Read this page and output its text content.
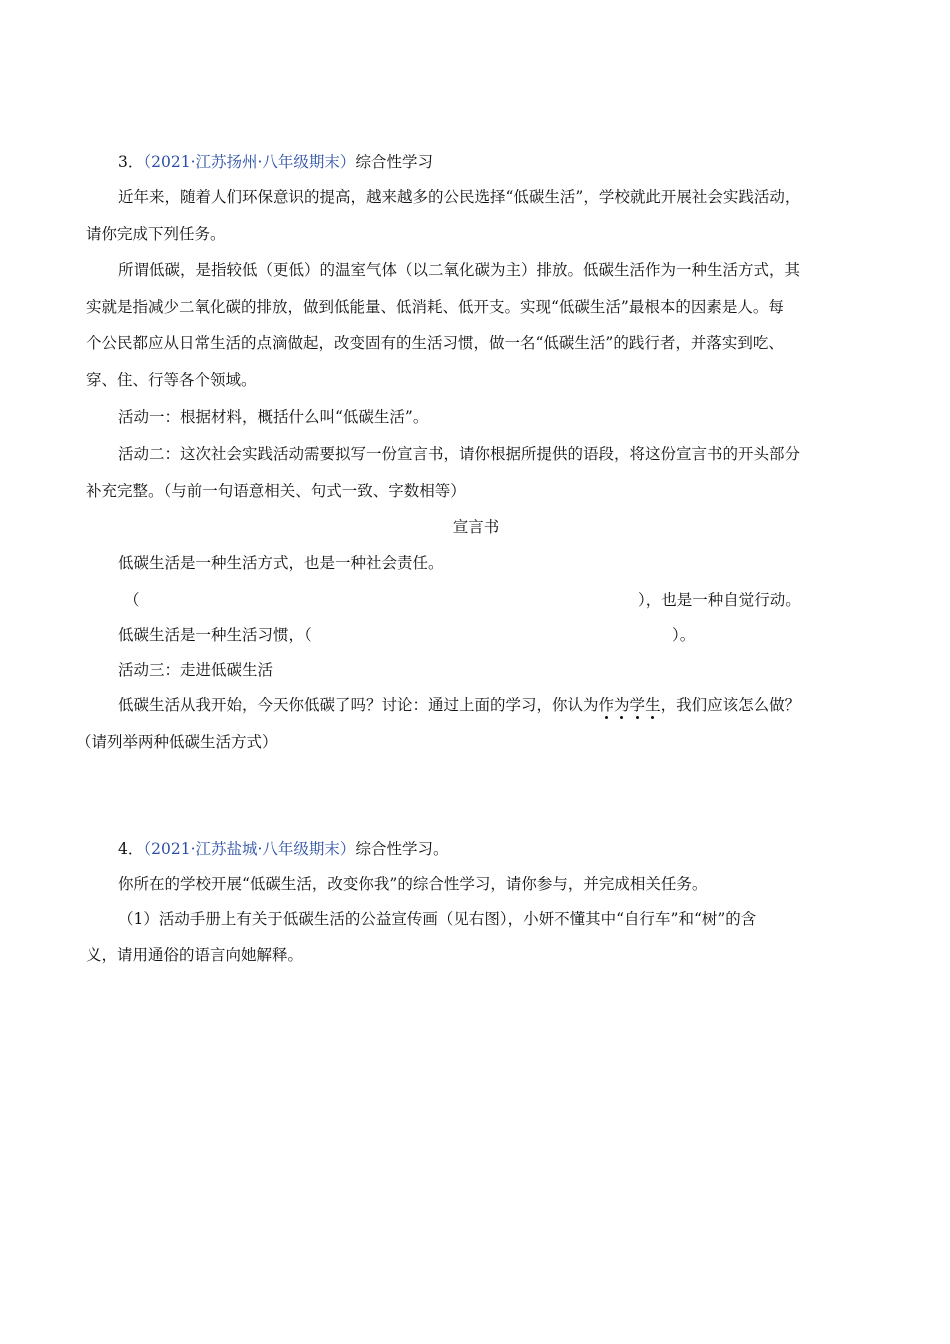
3．（2021·江苏扬州·八年级期末）综合性学习
近年来，随着人们环保意识的提高，越来越多的公民选择“低碳生活”，学校就此开展社会实践活动，
请你完成下列任务。
所谓低碳，是指较低（更低）的温室气体（以二氧化碳为主）排放。低碳生活作为一种生活方式，其
实就是指减少二氧化碳的排放，做到低能量、低消耗、低开支。实现“低碳生活”最根本的因素是人。每
个公民都应从日常生活的点滴做起，改变固有的生活习惯，做一名“低碳生活”的践行者，并落实到吃、
穿、住、行等各个领域。
活动一：根据材料，概括什么叫“低碳生活”。
活动二：这次社会实践活动需要拟写一份宣言书，请你根据所提供的语段，将这份宣言书的开头部分
补充完整。（与前一句语意相关、句式一致、字数相等）
宣言书
低碳生活是一种生活方式，也是一种社会责任。
（	），也是一种自觉行动。
低碳生活是一种生活习惯，（	）。
活动三：走进低碳生活
低碳生活从我开始，今天你低碳了吗？讨论：通过上面的学习，你认为作为学生，我们应该怎么做？
（请列举两种低碳生活方式）
4．（2021·江苏盐城·八年级期末）综合性学习。
你所在的学校开展“低碳生活，改变你我”的综合性学习，请你参与，并完成相关任务。
（1）活动手册上有关于低碳生活的公益宣传画（见右图），小妍不懂其中“自行车”和“树”的含
义，请用通俗的语言向她解释。
